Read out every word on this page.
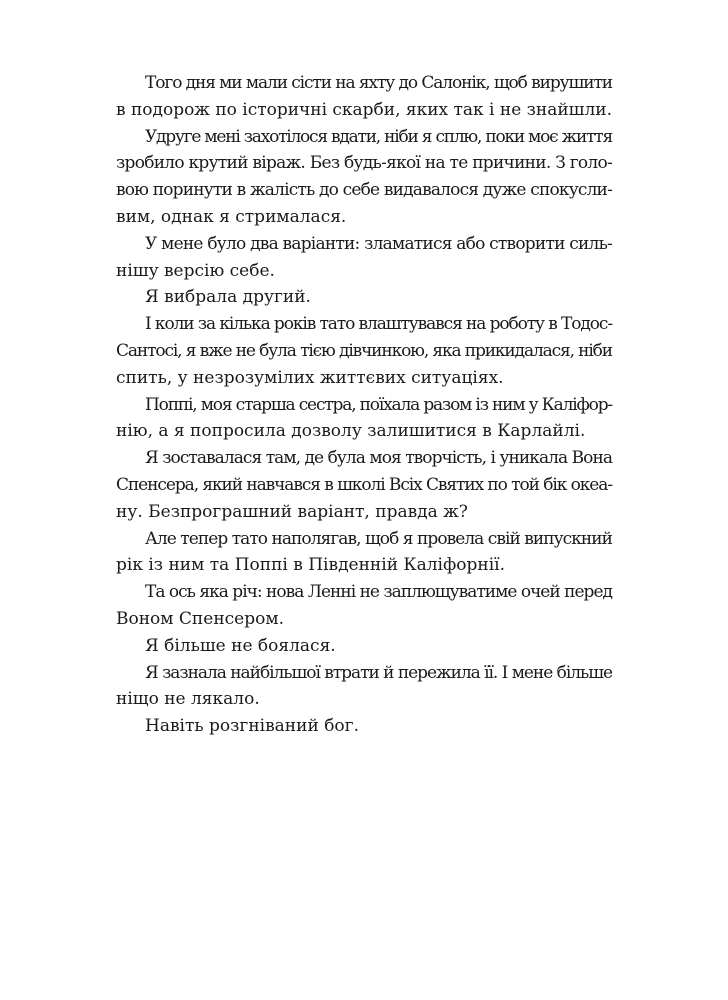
Того дня ми мали сісти на яхту до Салонік, щоб вирушити
в подорож по історичні скарби, яких так і не знайшли.
Удруге мені захотілося вдати, ніби я сплю, поки моє життя
зробило крутий віраж. Без будь-якої на те причини. З голо-
вою поринути в жалість до себе видавалося дуже спокусли-
вим, однак я стрималася.
У мене було два варіанти: зламатися або створити силь-
нішу версію себе.
Я вибрала другий.
І коли за кілька років тато влаштувався на роботу в Тодос-
Сантосі, я вже не була тією дівчинкою, яка прикидалася, ніби
спить, у незрозумілих життєвих ситуаціях.
Поппі, моя старша сестра, поїхала разом із ним у Каліфор-
нію, а я попросила дозволу залишитися в Карлайлі.
Я зоставалася там, де була моя творчість, і уникала Вона
Спенсера, який навчався в школі Всіх Святих по той бік океа-
ну. Безпрограшний варіант, правда ж?
Але тепер тато наполягав, щоб я провела свій випускний
рік із ним та Поппі в Південній Каліфорнії.
Та ось яка річ: нова Ленні не заплющуватиме очей перед
Воном Спенсером.
Я більше не боялася.
Я зазнала найбільшої втрати й пережила її. І мене більше
ніщо не лякало.
Навіть розгніваний бог.
